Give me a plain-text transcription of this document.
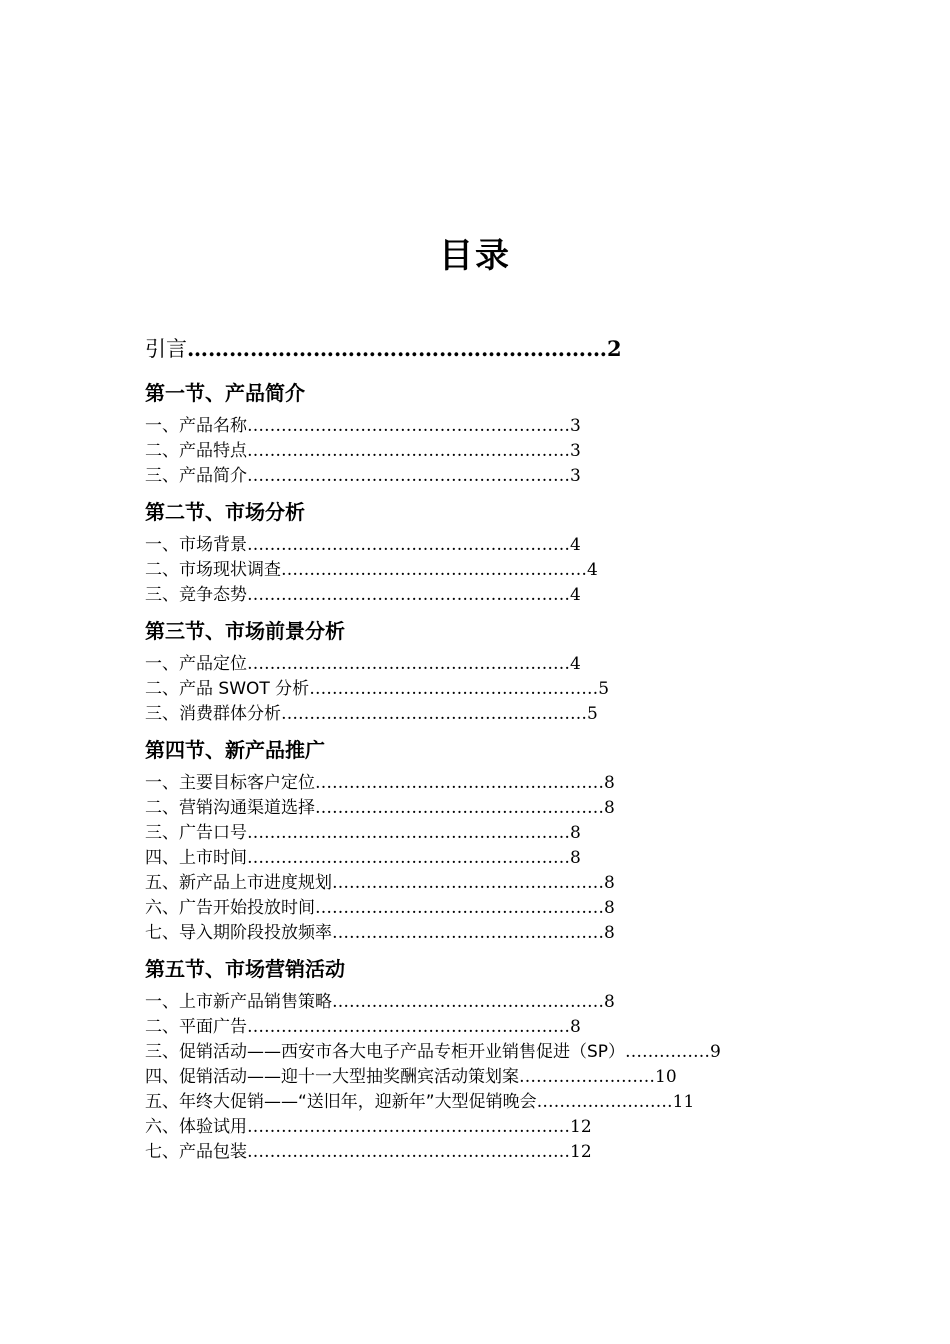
目录
引言……………………………………………………2
第一节、产品简介
一、产品名称…………………………………………………3
二、产品特点…………………………………………………3
三、产品简介…………………………………………………3
第二节、市场分析
一、市场背景…………………………………………………4
二、市场现状调查………………………………………………4
三、竞争态势…………………………………………………4
第三节、市场前景分析
一、产品定位…………………………………………………4
二、产品 SWOT 分析……………………………………………5
三、消费群体分析………………………………………………5
第四节、新产品推广
一、主要目标客户定位……………………………………………8
二、营销沟通渠道选择……………………………………………8
三、广告口号…………………………………………………8
四、上市时间…………………………………………………8
五、新产品上市进度规划…………………………………………8
六、广告开始投放时间……………………………………………8
七、导入期阶段投放频率…………………………………………8
第五节、市场营销活动
一、上市新产品销售策略…………………………………………8
二、平面广告…………………………………………………8
三、促销活动——西安市各大电子产品专柜开业销售促进（SP）……………9
四、促销活动——迎十一大型抽奖酬宾活动策划案……………………10
五、年终大促销——“送旧年，迎新年”大型促销晚会……………………11
六、体验试用…………………………………………………12
七、产品包装…………………………………………………12
